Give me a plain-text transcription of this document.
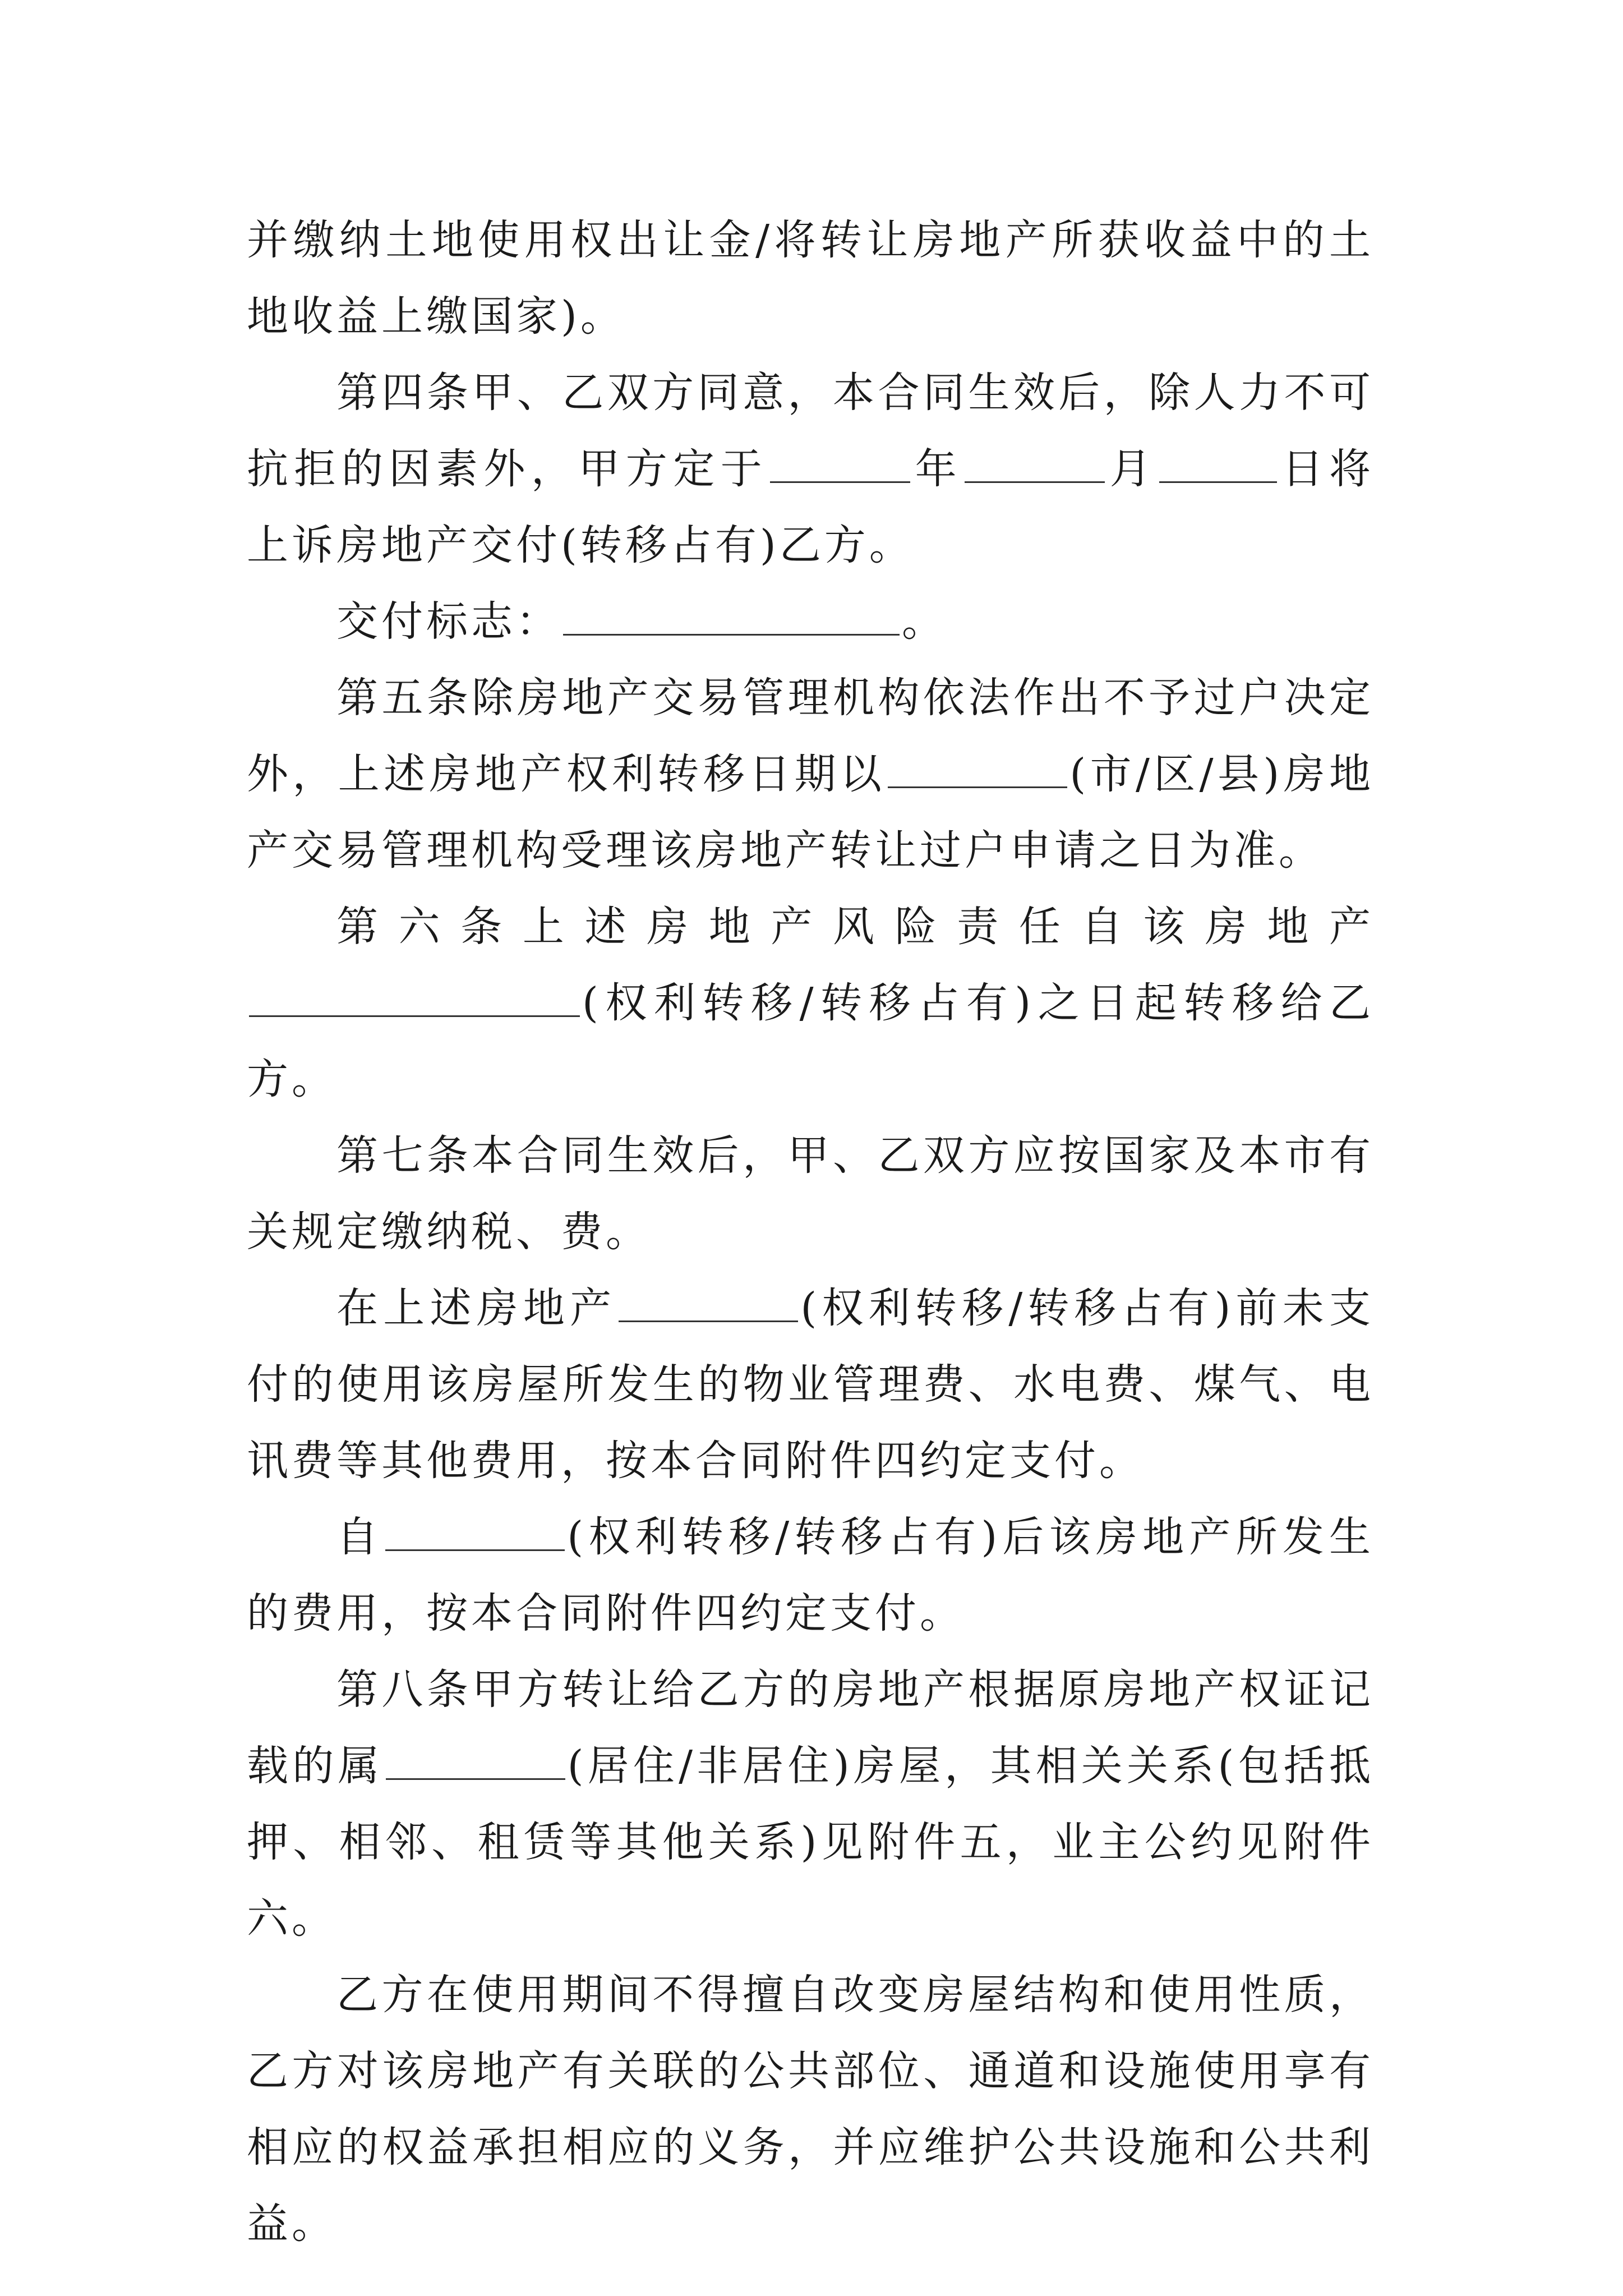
并缴纳土地使用权出让金/将转让房地产所获收益中的土地收益上缴国家)。

第四条甲、乙双方同意，本合同生效后，除人力不可抗拒的因素外，甲方定于	年	月	日将上诉房地产交付(转移占有)乙方。

交付标志：	。

第五条除房地产交易管理机构依法作出不予过户决定外，上述房地产权利转移日期以	(市/区/县)房地产交易管理机构受理该房地产转让过户申请之日为准。

第六条上述房地产风险责任自该房地产(权利转移/转移占有)之日起转移给乙方。

第七条本合同生效后，甲、乙双方应按国家及本市有关规定缴纳税、费。

在上述房地产	(权利转移/转移占有)前未支付的使用该房屋所发生的物业管理费、水电费、煤气、电讯费等其他费用，按本合同附件四约定支付。

自	(权利转移/转移占有)后该房地产所发生的费用，按本合同附件四约定支付。

第八条甲方转让给乙方的房地产根据原房地产权证记载的属	(居住/非居住)房屋，其相关关系(包括抵押、相邻、租赁等其他关系)见附件五，业主公约见附件六。

乙方在使用期间不得擅自改变房屋结构和使用性质，乙方对该房地产有关联的公共部位、通道和设施使用享有相应的权益承担相应的义务，并应维护公共设施和公共利益。
